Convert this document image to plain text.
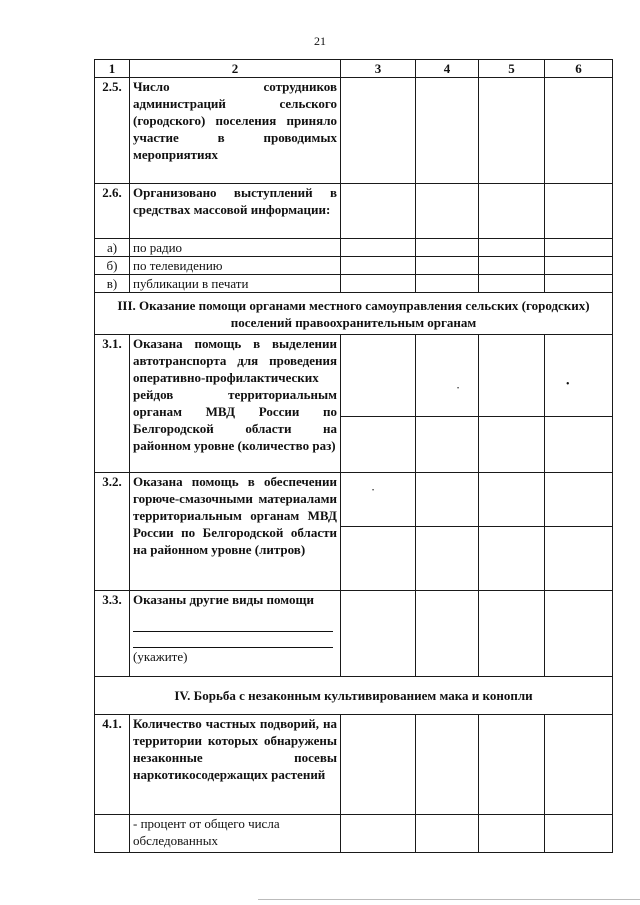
21
1	2	3	4	5	6
2.5.	Число сотрудников администраций сельского (городского) поселения приняло участие в проводимых мероприятиях				
2.6.	Организовано выступлений в средствах массовой информации:				
а)	по радио				
б)	по телевидению				
в)	публикации в печати				
III. Оказание помощи органами местного самоуправления сельских (городских) поселений правоохранительным органам					
3.1.	Оказана помощь в выделении автотранспорта для проведения оперативно-профилактических рейдов территориальным органам МВД России по Белгородской области на районном уровне (количество раз)				

3.2.	Оказана помощь в обеспечении горюче-смазочными материалами территориальным органам МВД России по Белгородской области на районном уровне (литров)				

3.3.	Оказаны другие виды помощи
(укажите)				

IV. Борьба с незаконным культивированием мака и конопли					
4.1.	Количество частных подворий, на территории которых обнаружены незаконные посевы наркотикосодержащих растений				
	- процент от общего числа обследованных				
•
•
•
